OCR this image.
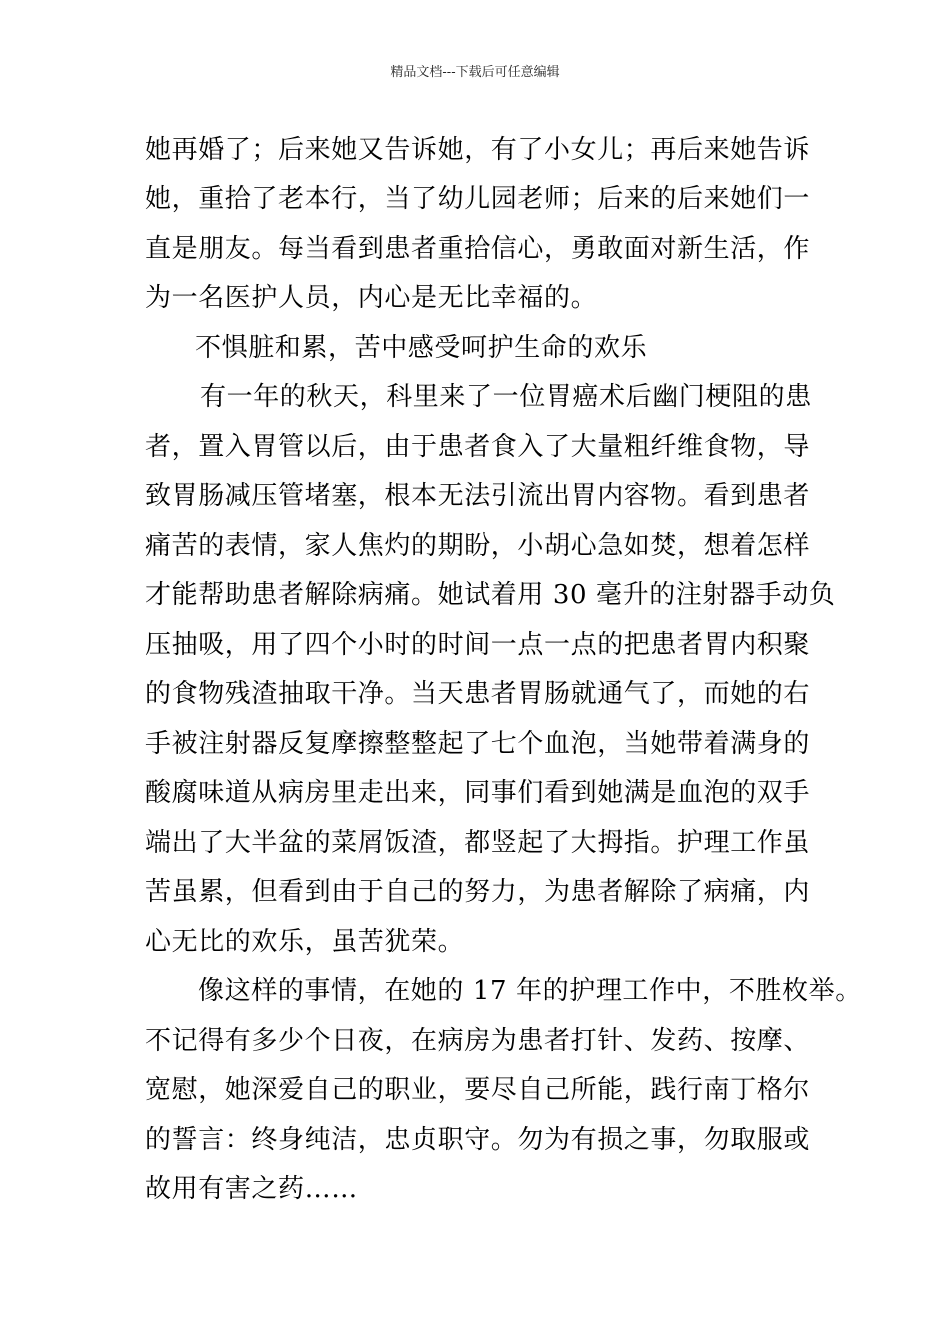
精品文档---下载后可任意编辑
她再婚了；后来她又告诉她，有了小女儿；再后来她告诉
她，重拾了老本行，当了幼儿园老师；后来的后来她们一
直是朋友。每当看到患者重拾信心，勇敢面对新生活，作
为一名医护人员，内心是无比幸福的。
不惧脏和累，苦中感受呵护生命的欢乐
有一年的秋天，科里来了一位胃癌术后幽门梗阻的患
者，置入胃管以后，由于患者食入了大量粗纤维食物，导
致胃肠减压管堵塞，根本无法引流出胃内容物。看到患者
痛苦的表情，家人焦灼的期盼，小胡心急如焚，想着怎样
才能帮助患者解除病痛。她试着用 30 毫升的注射器手动负
压抽吸，用了四个小时的时间一点一点的把患者胃内积聚
的食物残渣抽取干净。当天患者胃肠就通气了，而她的右
手被注射器反复摩擦整整起了七个血泡，当她带着满身的
酸腐味道从病房里走出来，同事们看到她满是血泡的双手
端出了大半盆的菜屑饭渣，都竖起了大拇指。护理工作虽
苦虽累，但看到由于自己的努力，为患者解除了病痛，内
心无比的欢乐，虽苦犹荣。
像这样的事情，在她的 17 年的护理工作中，不胜枚举。
不记得有多少个日夜，在病房为患者打针、发药、按摩、
宽慰，她深爱自己的职业，要尽自己所能，践行南丁格尔
的誓言：终身纯洁，忠贞职守。勿为有损之事，勿取服或
故用有害之药……
